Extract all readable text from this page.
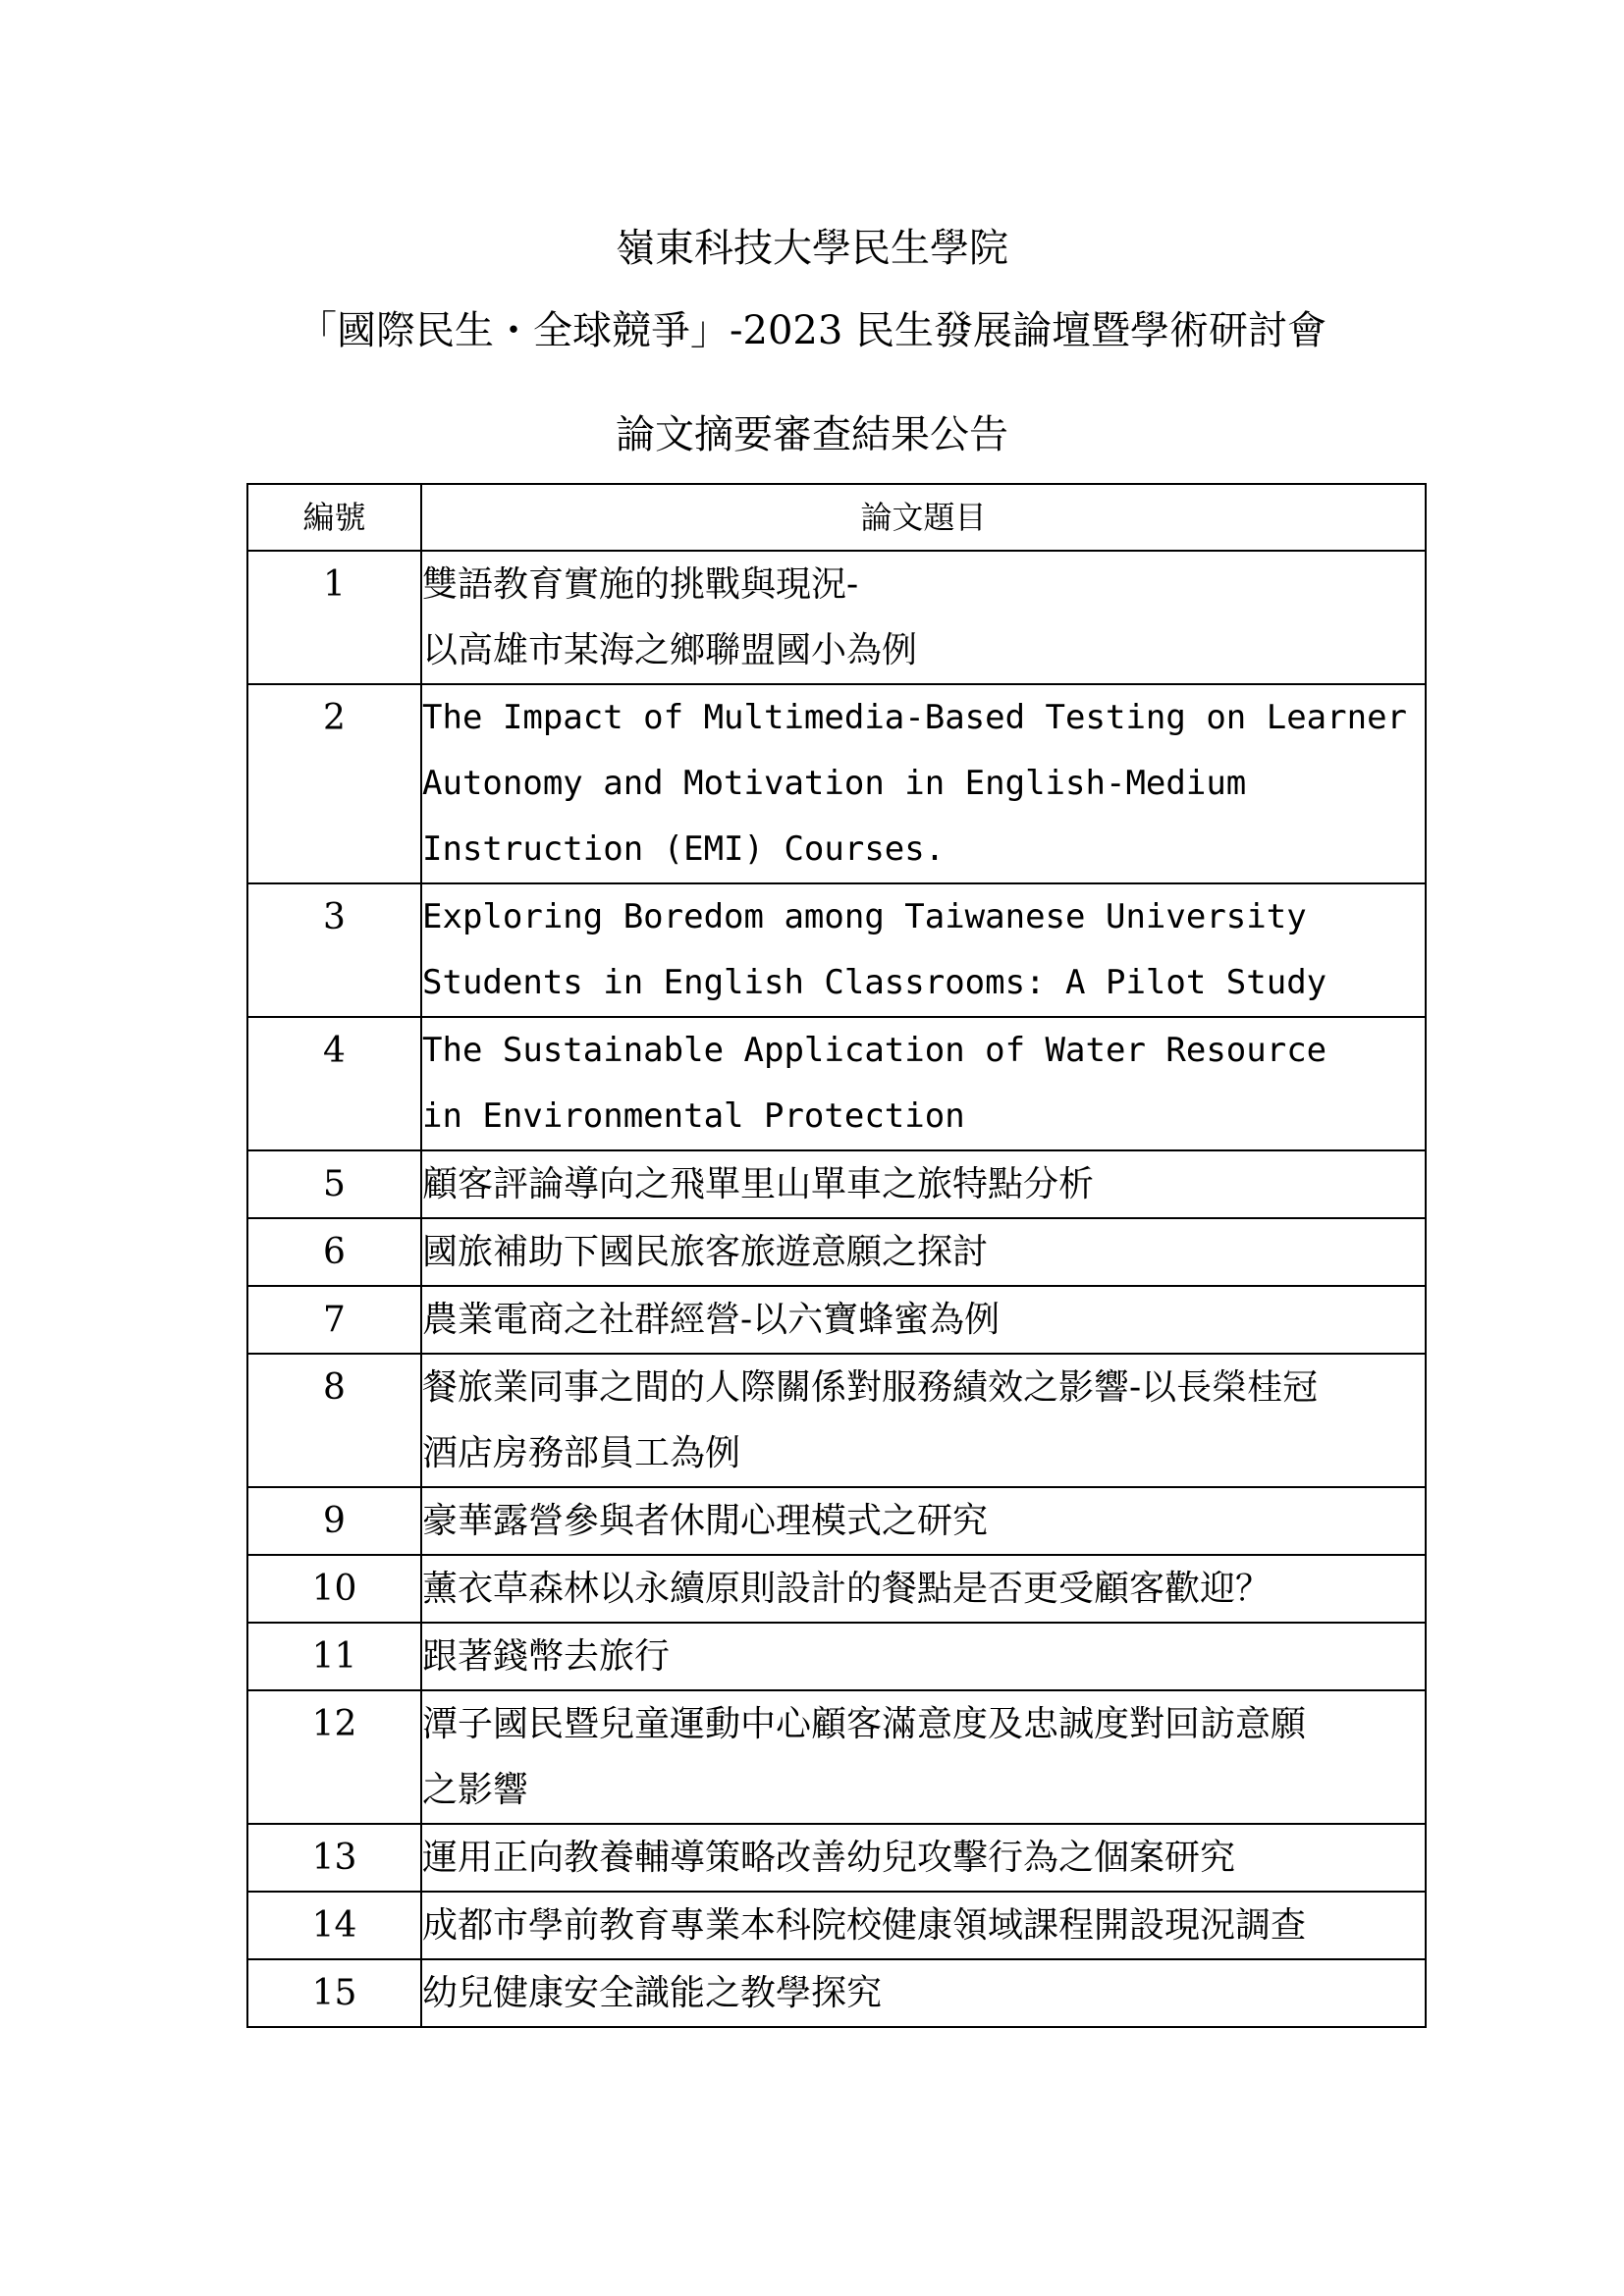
嶺東科技大學民生學院
「國際民生・全球競爭」-2023 民生發展論壇暨學術研討會
論文摘要審查結果公告
編號	論文題目
1	雙語教育實施的挑戰與現況-
以高雄市某海之鄉聯盟國小為例

2	The Impact of Multimedia-Based Testing on Learner
Autonomy and Motivation in English-Medium
Instruction (EMI) Courses.

3	Exploring Boredom among Taiwanese University
Students in English Classrooms: A Pilot Study

4	The Sustainable Application of Water Resource
in Environmental Protection

5	顧客評論導向之飛單里山單車之旅特點分析

6	國旅補助下國民旅客旅遊意願之探討

7	農業電商之社群經營-以六寶蜂蜜為例

8	餐旅業同事之間的人際關係對服務績效之影響-以長榮桂冠
酒店房務部員工為例

9	豪華露營參與者休閒心理模式之研究

10	薰衣草森林以永續原則設計的餐點是否更受顧客歡迎？

11	跟著錢幣去旅行

12	潭子國民暨兒童運動中心顧客滿意度及忠誠度對回訪意願
之影響

13	運用正向教養輔導策略改善幼兒攻擊行為之個案研究

14	成都市學前教育專業本科院校健康領域課程開設現況調查

15	幼兒健康安全識能之教學探究
